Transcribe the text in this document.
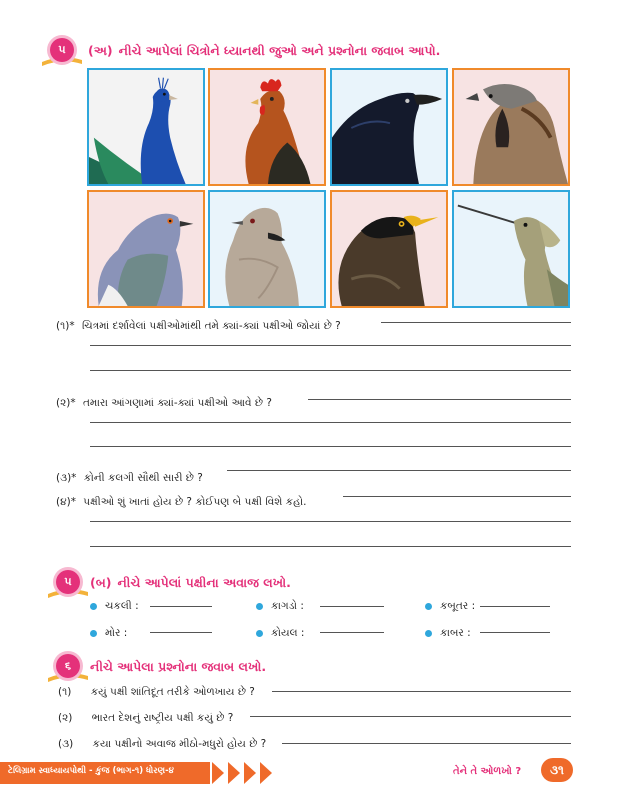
૫	(અ) નીચે આપેલાં ચિત્રોને ધ્યાનથી જુઓ અને પ્રશ્નોના જવાબ આપો.
(૧)* ચિત્રમાં દર્શાવેલાં પક્ષીઓમાંથી તમે ક્યાં-ક્યાં પક્ષીઓ જોયાં છે ?
(૨)* તમારા આંગણામાં ક્યાં-ક્યાં પક્ષીઓ આવે છે ?
(૩)* કોની કલગી સૌથી સારી છે ?
(૪)* પક્ષીઓ શું ખાતાં હોય છે ? કોઈપણ બે પક્ષી વિશે કહો.
૫	(બ) નીચે આપેલાં પક્ષીના અવાજ લખો.
ચકલી :	કાગડો :	કબૂતર :
મોર :	કોયલ :	કાબર :
૬	નીચે આપેલા પ્રશ્નોના જવાબ લખો.
(૧) કયું પક્ષી શાંતિદૂત તરીકે ઓળખાય છે ?
(૨) ભારત દેશનું રાષ્ટ્રીય પક્ષી કયું છે ?
(૩) કયા પક્ષીનો અવાજ મીઠો-મધુરો હોય છે ?
ટેલિગ્રામ સ્વાધ્યાયપોથી - કુંજ (ભાગ-૧) ધોરણ-૪	તેને તે ઓળખો ?	૩૧
